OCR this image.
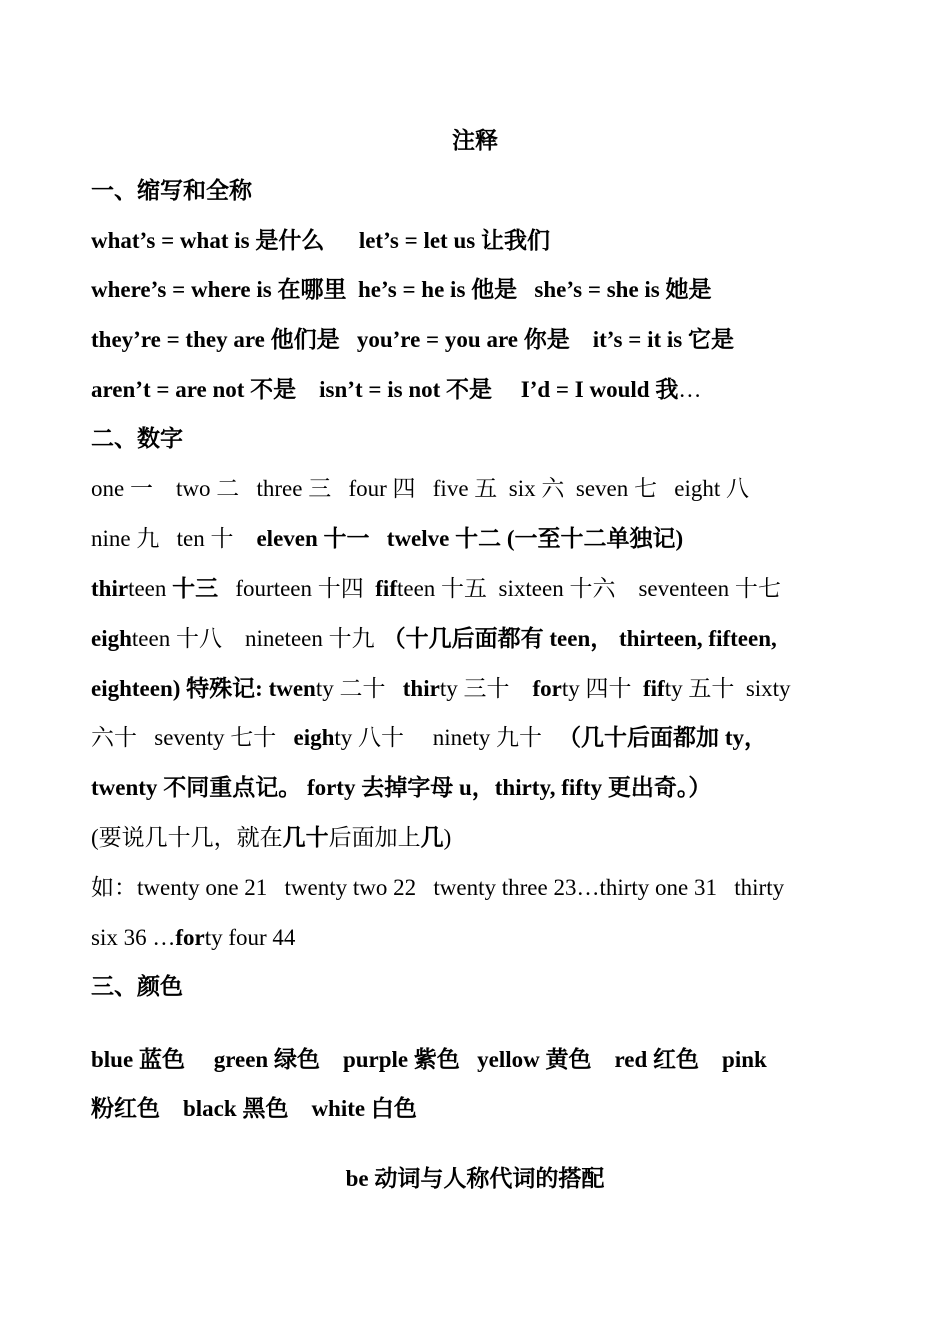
注释
一、缩写和全称
what’s = what is 是什么      let’s = let us 让我们
where’s = where is 在哪里  he’s = he is 他是   she’s = she is 她是
they’re = they are 他们是   you’re = you are 你是    it’s = it is 它是
aren’t = are not 不是    isn’t = is not 不是     I’d = I would 我…
二、数字
one 一    two 二   three 三   four 四   five 五  six 六  seven 七   eight 八
nine 九   ten 十    eleven 十一   twelve 十二 (一至十二单独记)
thirteen 十三   fourteen 十四 fifteen 十五  sixteen 十六    seventeen 十七
eighteen 十八    nineteen 十九 （十几后面都有 teen， thirteen, fifteen,
eighteen) 特殊记: twenty 二十 thirty 三十 forty 四十 fifty 五十  sixty
六十   seventy 七十 eighty 八十     ninety 九十  （几十后面都加 ty，
twenty 不同重点记。 forty 去掉字母 u，thirty, fifty 更出奇。）
(要说几十几，就在几十后面加上几)
如：twenty one 21   twenty two 22   twenty three 23…thirty one 31   thirty
six 36 …forty four 44
三、颜色
blue 蓝色     green 绿色    purple 紫色   yellow 黄色    red 红色    pink
粉红色    black 黑色    white 白色
be 动词与人称代词的搭配
